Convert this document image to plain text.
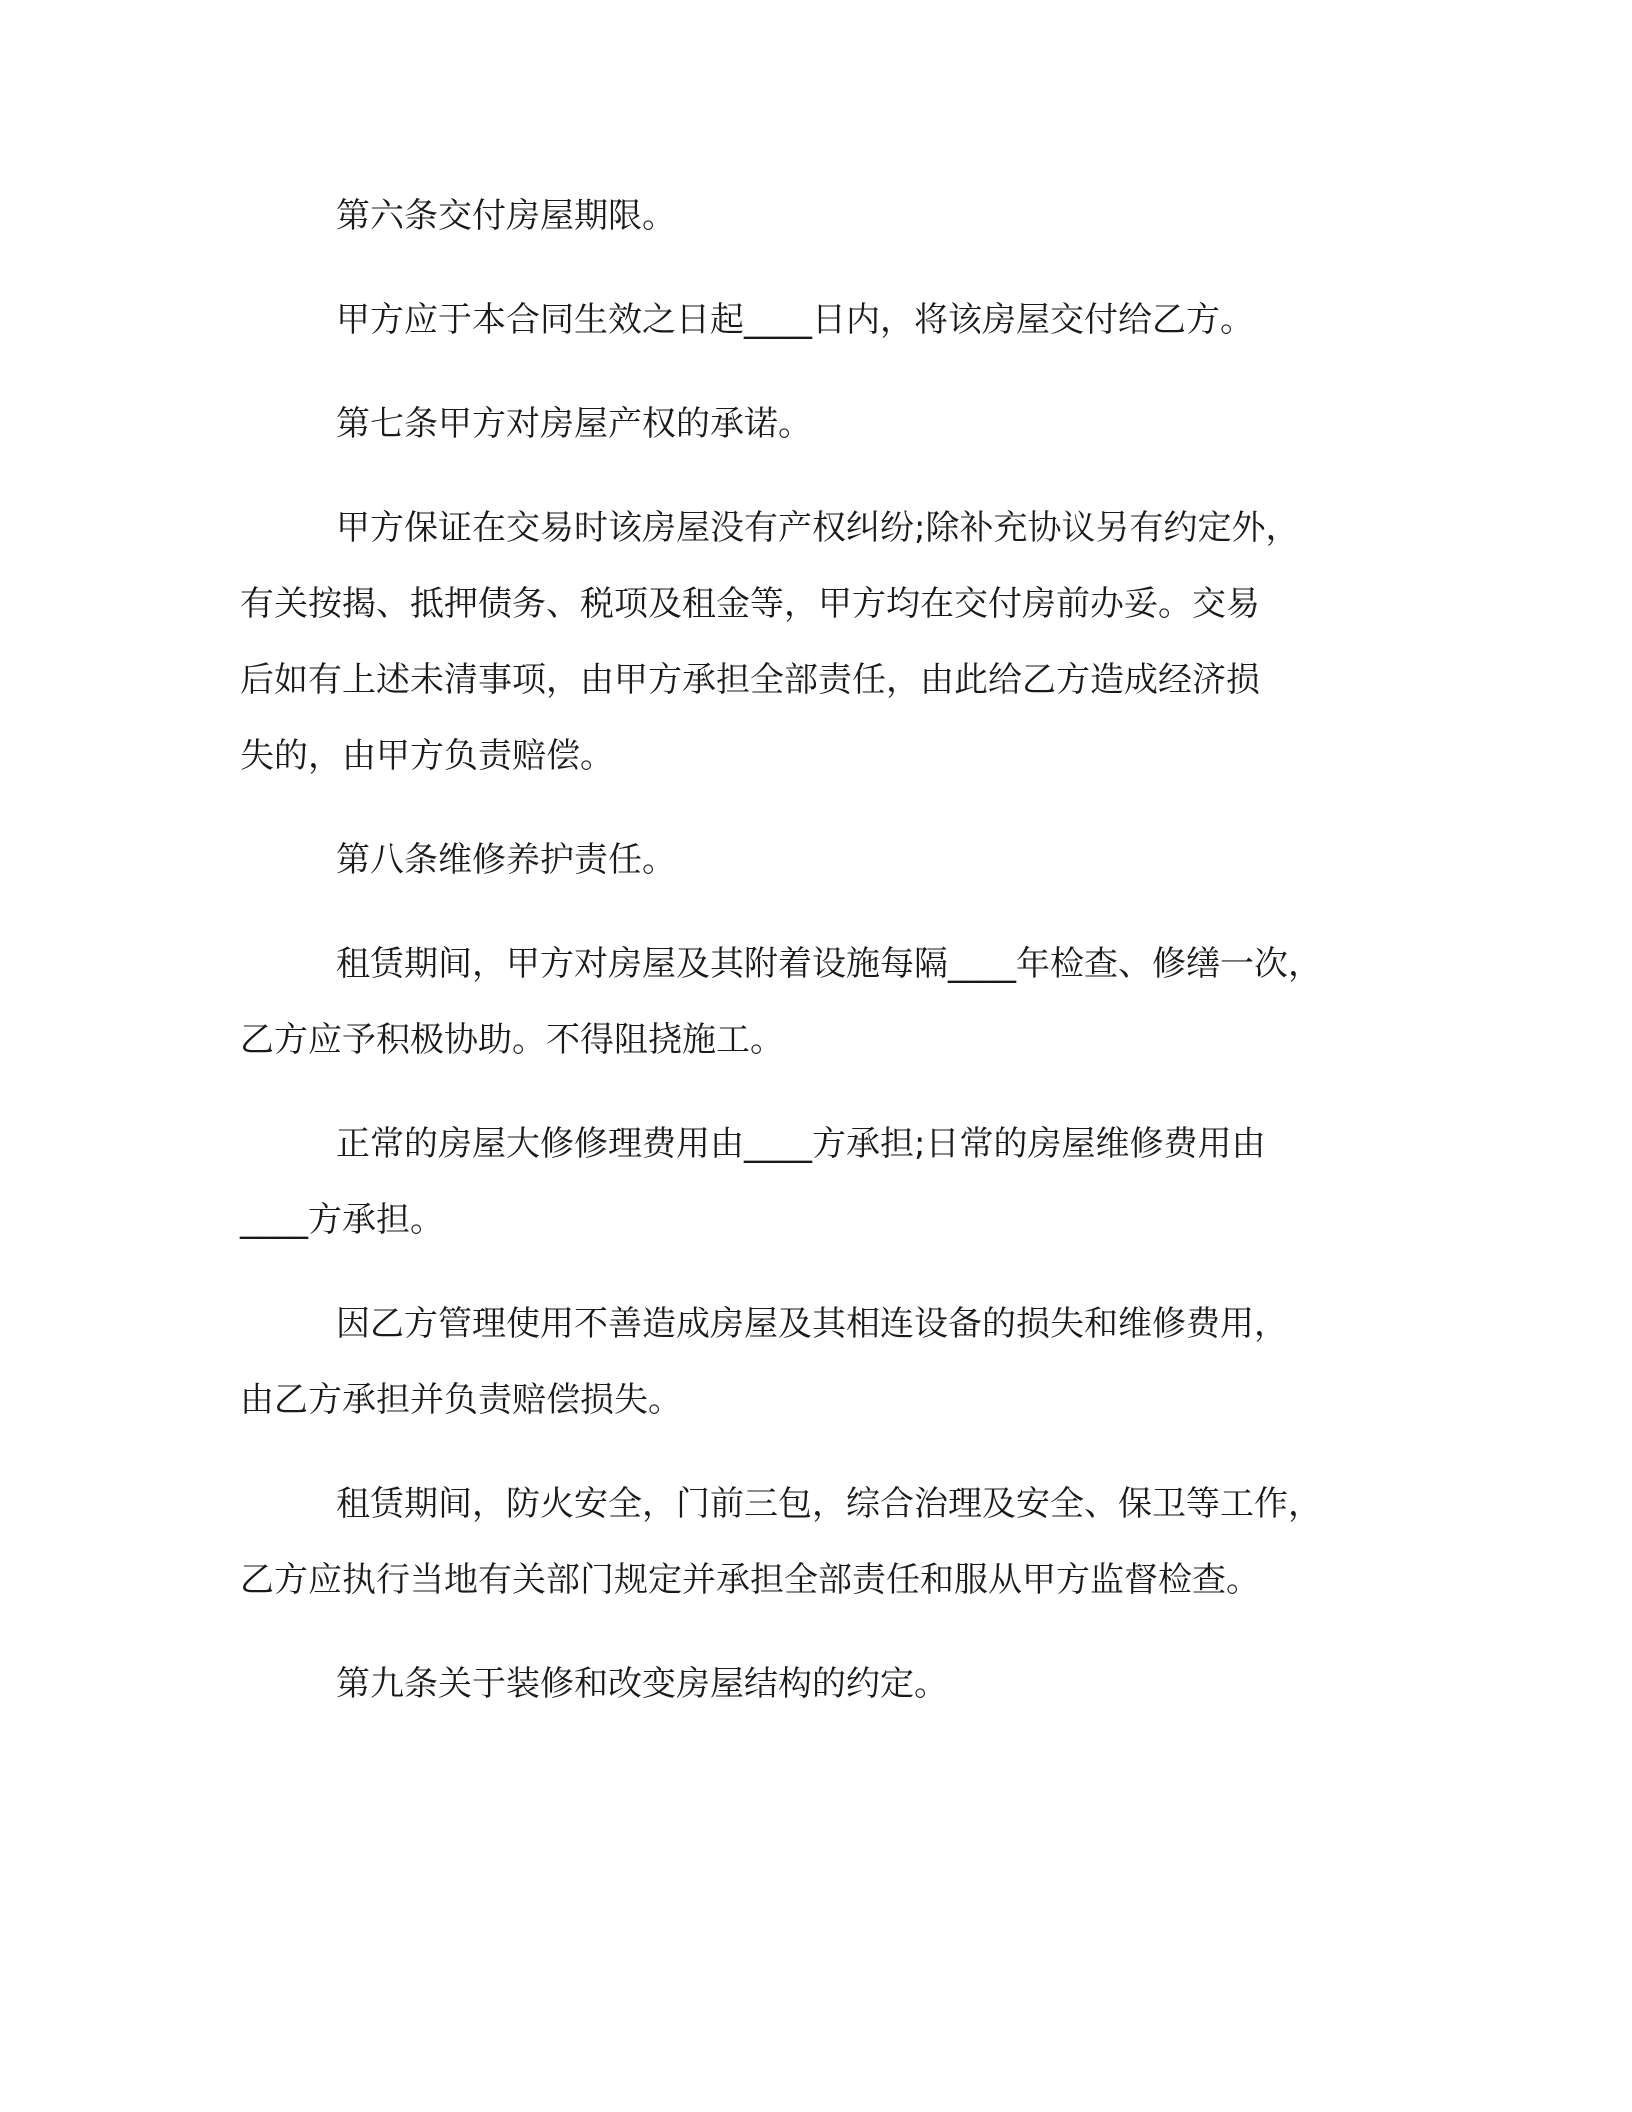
第六条交付房屋期限。
甲方应于本合同生效之日起____日内，将该房屋交付给乙方。
第七条甲方对房屋产权的承诺。
甲方保证在交易时该房屋没有产权纠纷;除补充协议另有约定外，
有关按揭、抵押债务、税项及租金等，甲方均在交付房前办妥。交易
后如有上述未清事项，由甲方承担全部责任，由此给乙方造成经济损
失的，由甲方负责赔偿。
第八条维修养护责任。
租赁期间，甲方对房屋及其附着设施每隔____年检查、修缮一次，
乙方应予积极协助。不得阻挠施工。
正常的房屋大修修理费用由____方承担;日常的房屋维修费用由
____方承担。
因乙方管理使用不善造成房屋及其相连设备的损失和维修费用，
由乙方承担并负责赔偿损失。
租赁期间，防火安全，门前三包，综合治理及安全、保卫等工作，
乙方应执行当地有关部门规定并承担全部责任和服从甲方监督检查。
第九条关于装修和改变房屋结构的约定。
